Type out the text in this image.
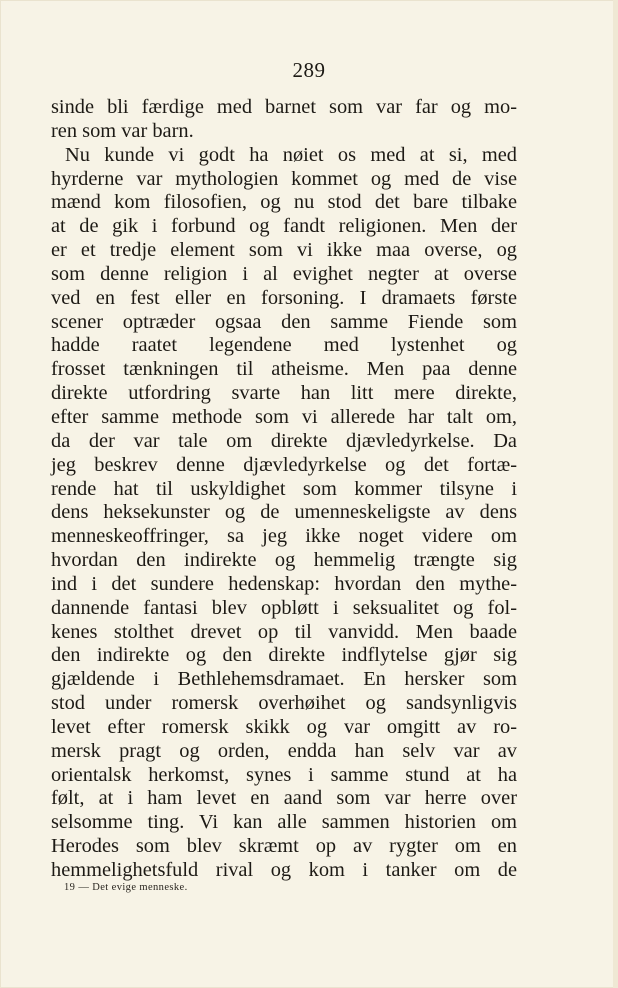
289
sinde bli færdige med barnet som var far og mo-
ren som var barn.
Nu kunde vi godt ha nøiet os med at si, med
hyrderne var mythologien kommet og med de vise
mænd kom filosofien, og nu stod det bare tilbake
at de gik i forbund og fandt religionen. Men der
er et tredje element som vi ikke maa overse, og
som denne religion i al evighet negter at overse
ved en fest eller en forsoning. I dramaets første
scener optræder ogsaa den samme Fiende som
hadde raatet legendene med lystenhet og
frosset tænkningen til atheisme. Men paa denne
direkte utfordring svarte han litt mere direkte,
efter samme methode som vi allerede har talt om,
da der var tale om direkte djævledyrkelse. Da
jeg beskrev denne djævledyrkelse og det fortæ-
rende hat til uskyldighet som kommer tilsyne i
dens heksekunster og de umenneskeligste av dens
menneskeoffringer, sa jeg ikke noget videre om
hvordan den indirekte og hemmelig trængte sig
ind i det sundere hedenskap: hvordan den mythe-
dannende fantasi blev opbløtt i seksualitet og fol-
kenes stolthet drevet op til vanvidd. Men baade
den indirekte og den direkte indflytelse gjør sig
gjældende i Bethlehemsdramaet. En hersker som
stod under romersk overhøihet og sandsynligvis
levet efter romersk skikk og var omgitt av ro-
mersk pragt og orden, endda han selv var av
orientalsk herkomst, synes i samme stund at ha
følt, at i ham levet en aand som var herre over
selsomme ting. Vi kan alle sammen historien om
Herodes som blev skræmt op av rygter om en
hemmelighetsfuld rival og kom i tanker om de
19 — Det evige menneske.
